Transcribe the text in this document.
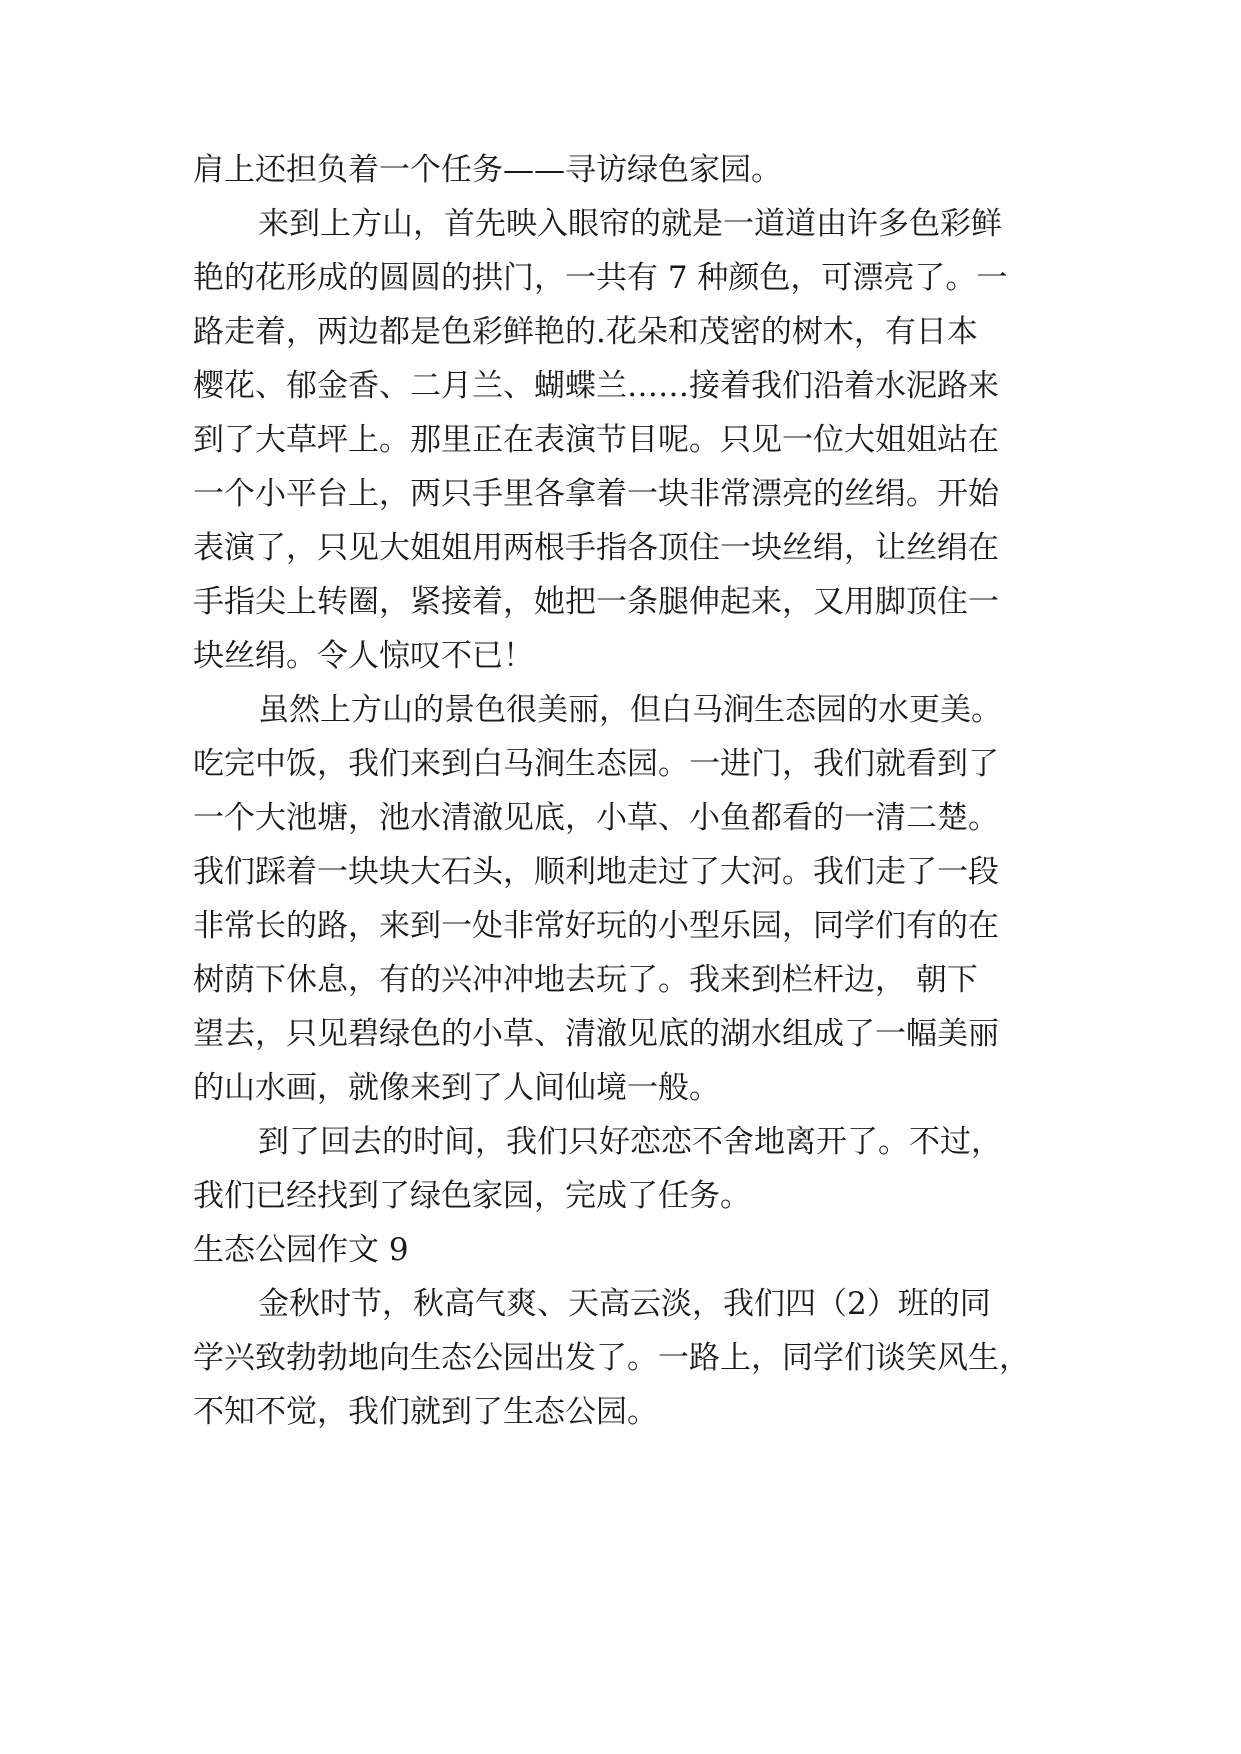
肩上还担负着一个任务——寻访绿色家园。
来到上方山，首先映入眼帘的就是一道道由许多色彩鲜
艳的花形成的圆圆的拱门，一共有 7 种颜色，可漂亮了。一
路走着，两边都是色彩鲜艳的.花朵和茂密的树木，有日本
樱花、郁金香、二月兰、蝴蝶兰……接着我们沿着水泥路来
到了大草坪上。那里正在表演节目呢。只见一位大姐姐站在
一个小平台上，两只手里各拿着一块非常漂亮的丝绢。开始
表演了，只见大姐姐用两根手指各顶住一块丝绢，让丝绢在
手指尖上转圈，紧接着，她把一条腿伸起来，又用脚顶住一
块丝绢。令人惊叹不已！
虽然上方山的景色很美丽，但白马涧生态园的水更美。
吃完中饭，我们来到白马涧生态园。一进门，我们就看到了
一个大池塘，池水清澈见底，小草、小鱼都看的一清二楚。
我们踩着一块块大石头，顺利地走过了大河。我们走了一段
非常长的路，来到一处非常好玩的小型乐园，同学们有的在
树荫下休息，有的兴冲冲地去玩了。我来到栏杆边， 朝下
望去，只见碧绿色的小草、清澈见底的湖水组成了一幅美丽
的山水画，就像来到了人间仙境一般。
到了回去的时间，我们只好恋恋不舍地离开了。不过，
我们已经找到了绿色家园，完成了任务。
生态公园作文 9
金秋时节，秋高气爽、天高云淡，我们四（2）班的同
学兴致勃勃地向生态公园出发了。一路上，同学们谈笑风生，
不知不觉，我们就到了生态公园。
